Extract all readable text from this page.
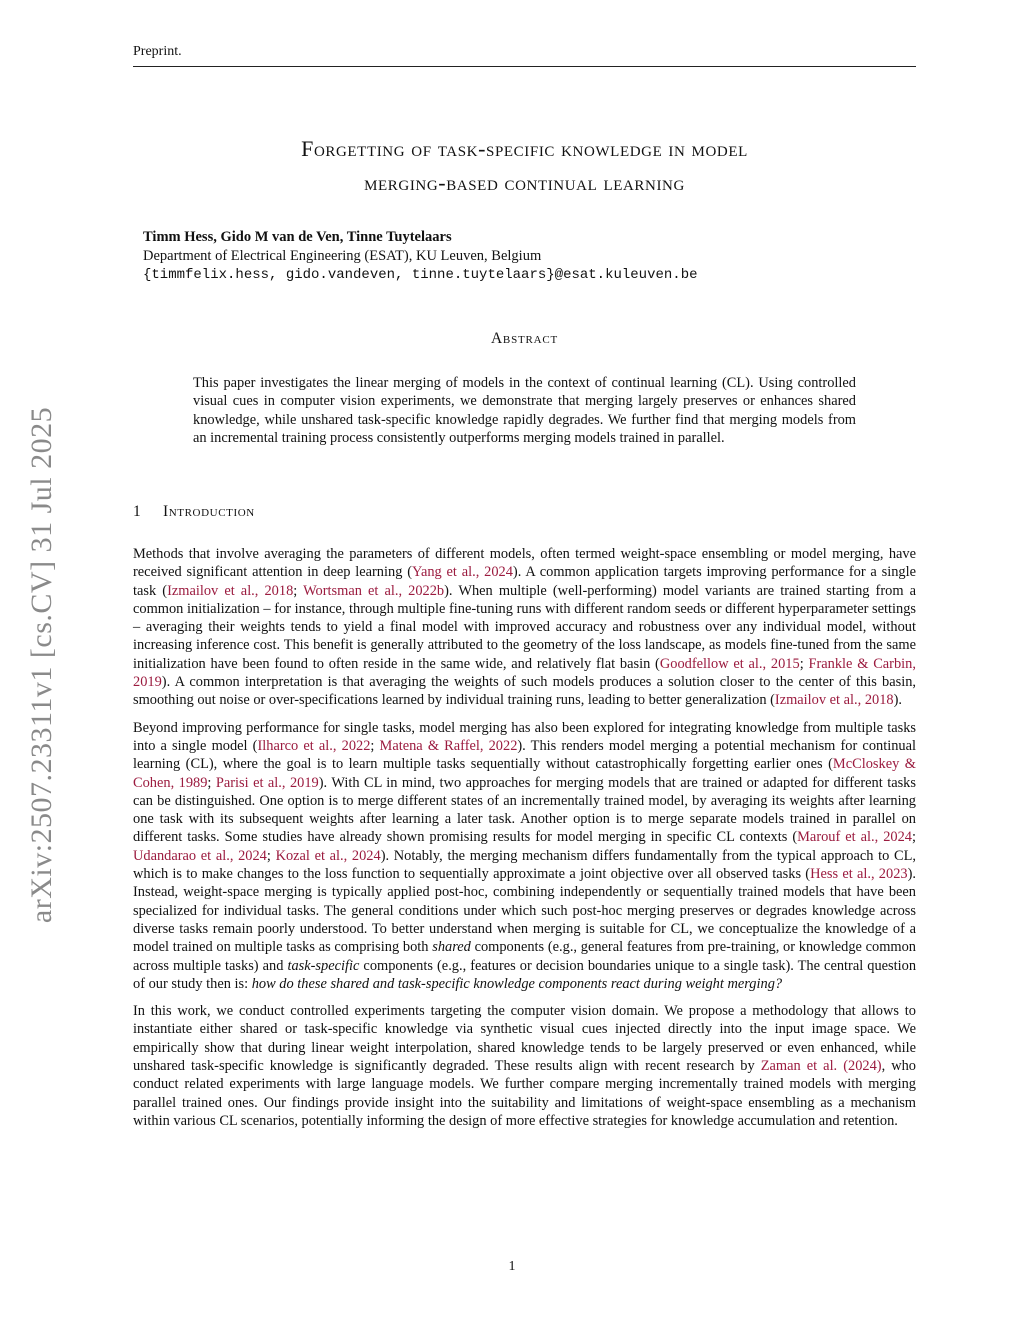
Preprint.
arXiv:2507.23311v1 [cs.CV] 31 Jul 2025
Forgetting of task-specific knowledge in model
merging-based continual learning
Timm Hess, Gido M van de Ven, Tinne Tuytelaars
Department of Electrical Engineering (ESAT), KU Leuven, Belgium
{timmfelix.hess, gido.vandeven, tinne.tuytelaars}@esat.kuleuven.be
Abstract
This paper investigates the linear merging of models in the context of continual learning (CL). Using controlled visual cues in computer vision experiments, we demonstrate that merging largely preserves or enhances shared knowledge, while unshared task-specific knowledge rapidly degrades. We further find that merging models from an incremental training process consistently outperforms merging models trained in parallel.
1 Introduction

Methods that involve averaging the parameters of different models, often termed weight-space ensembling or model merging, have received significant attention in deep learning (Yang et al., 2024). A common application targets improving performance for a single task (Izmailov et al., 2018; Wortsman et al., 2022b). When multiple (well-performing) model variants are trained starting from a common initialization – for instance, through multiple fine-tuning runs with different random seeds or different hyperparameter settings – averaging their weights tends to yield a final model with improved accuracy and robustness over any individual model, without increasing inference cost. This benefit is generally attributed to the geometry of the loss landscape, as models fine-tuned from the same initialization have been found to often reside in the same wide, and relatively flat basin (Goodfellow et al., 2015; Frankle & Carbin, 2019). A common interpretation is that averaging the weights of such models produces a solution closer to the center of this basin, smoothing out noise or over-specifications learned by individual training runs, leading to better generalization (Izmailov et al., 2018).

Beyond improving performance for single tasks, model merging has also been explored for integrating knowledge from multiple tasks into a single model (Ilharco et al., 2022; Matena & Raffel, 2022). This renders model merging a potential mechanism for continual learning (CL), where the goal is to learn multiple tasks sequentially without catastrophically forgetting earlier ones (McCloskey & Cohen, 1989; Parisi et al., 2019). With CL in mind, two approaches for merging models that are trained or adapted for different tasks can be distinguished. One option is to merge different states of an incrementally trained model, by averaging its weights after learning one task with its subsequent weights after learning a later task. Another option is to merge separate models trained in parallel on different tasks. Some studies have already shown promising results for model merging in specific CL contexts (Marouf et al., 2024; Udandarao et al., 2024; Kozal et al., 2024). Notably, the merging mechanism differs fundamentally from the typical approach to CL, which is to make changes to the loss function to sequentially approximate a joint objective over all observed tasks (Hess et al., 2023). Instead, weight-space merging is typically applied post-hoc, combining independently or sequentially trained models that have been specialized for individual tasks. The general conditions under which such post-hoc merging preserves or degrades knowledge across diverse tasks remain poorly understood. To better understand when merging is suitable for CL, we conceptualize the knowledge of a model trained on multiple tasks as comprising both shared components (e.g., general features from pre-training, or knowledge common across multiple tasks) and task-specific components (e.g., features or decision boundaries unique to a single task). The central question of our study then is: how do these shared and task-specific knowledge components react during weight merging?

In this work, we conduct controlled experiments targeting the computer vision domain. We propose a methodology that allows to instantiate either shared or task-specific knowledge via synthetic visual cues injected directly into the input image space. We empirically show that during linear weight interpolation, shared knowledge tends to be largely preserved or even enhanced, while unshared task-specific knowledge is significantly degraded. These results align with recent research by Zaman et al. (2024), who conduct related experiments with large language models. We further compare merging incrementally trained models with merging parallel trained ones. Our findings provide insight into the suitability and limitations of weight-space ensembling as a mechanism within various CL scenarios, potentially informing the design of more effective strategies for knowledge accumulation and retention.

1
